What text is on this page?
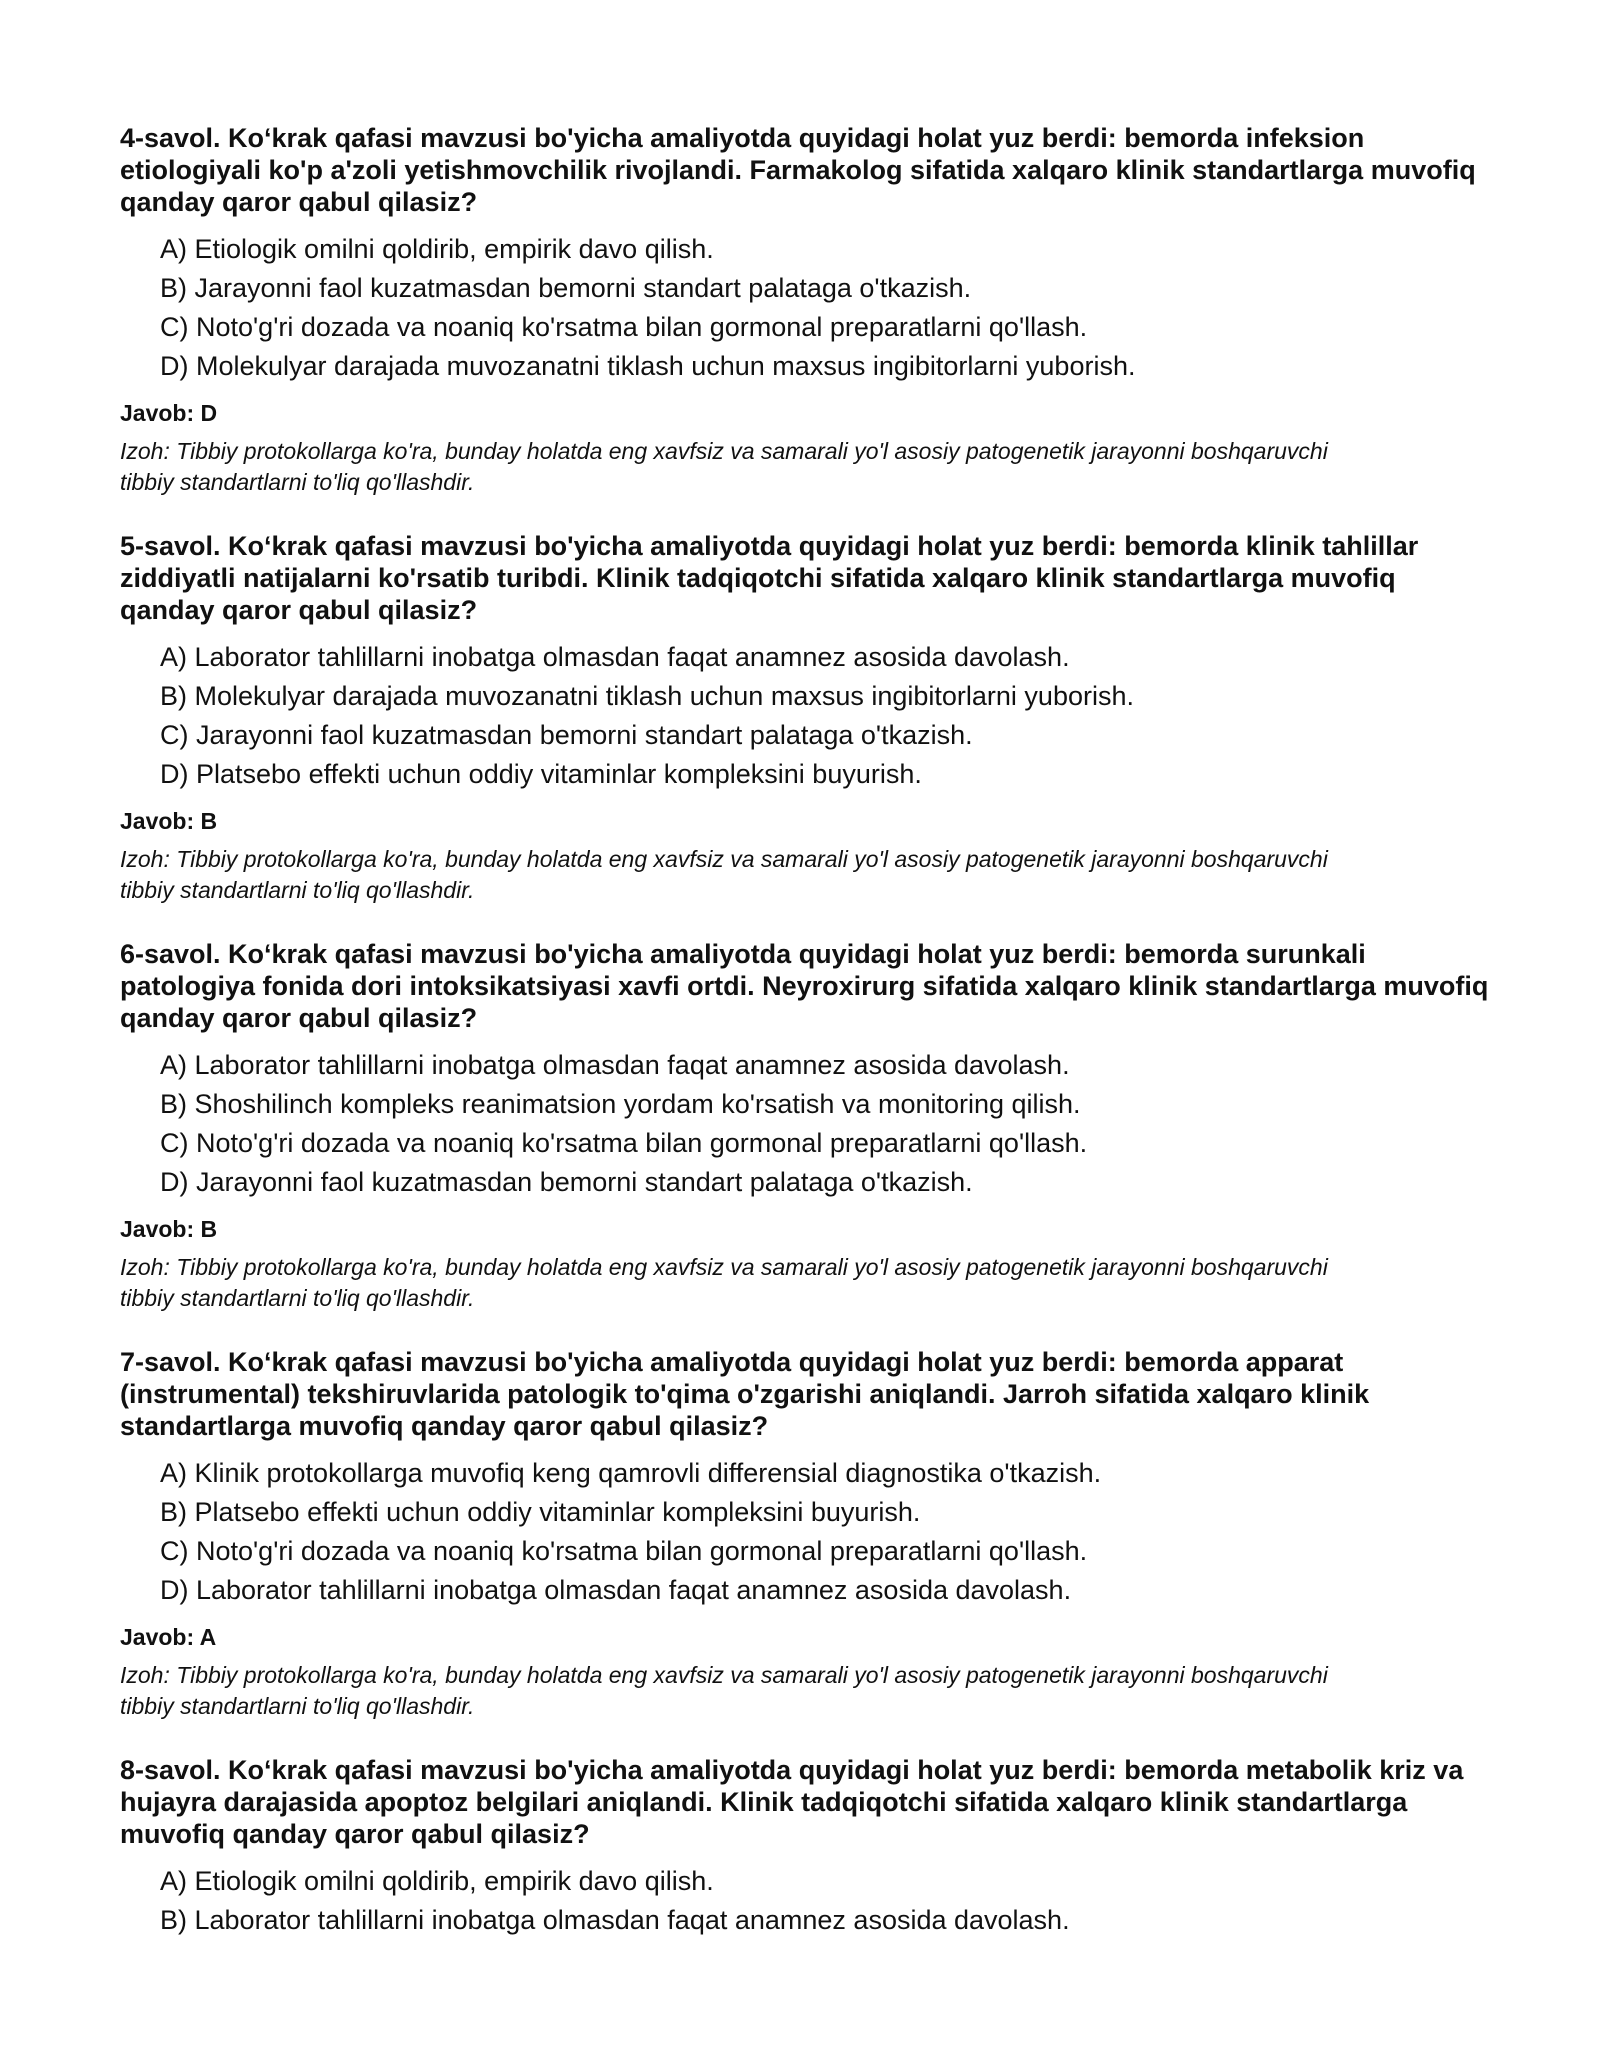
4-savol. Ko‘krak qafasi mavzusi bo'yicha amaliyotda quyidagi holat yuz berdi: bemorda infeksion etiologiyali ko'p a'zoli yetishmovchilik rivojlandi. Farmakolog sifatida xalqaro klinik standartlarga muvofiq qanday qaror qabul qilasiz?

A) Etiologik omilni qoldirib, empirik davo qilish.
B) Jarayonni faol kuzatmasdan bemorni standart palataga o'tkazish.
C) Noto'g'ri dozada va noaniq ko'rsatma bilan gormonal preparatlarni qo'llash.
D) Molekulyar darajada muvozanatni tiklash uchun maxsus ingibitorlarni yuborish.
Javob: D
Izoh: Tibbiy protokollarga ko'ra, bunday holatda eng xavfsiz va samarali yo'l asosiy patogenetik jarayonni boshqaruvchi tibbiy standartlarni to'liq qo'llashdir.

5-savol. Ko‘krak qafasi mavzusi bo'yicha amaliyotda quyidagi holat yuz berdi: bemorda klinik tahlillar ziddiyatli natijalarni ko'rsatib turibdi. Klinik tadqiqotchi sifatida xalqaro klinik standartlarga muvofiq qanday qaror qabul qilasiz?

A) Laborator tahlillarni inobatga olmasdan faqat anamnez asosida davolash.
B) Molekulyar darajada muvozanatni tiklash uchun maxsus ingibitorlarni yuborish.
C) Jarayonni faol kuzatmasdan bemorni standart palataga o'tkazish.
D) Platsebo effekti uchun oddiy vitaminlar kompleksini buyurish.
Javob: B
Izoh: Tibbiy protokollarga ko'ra, bunday holatda eng xavfsiz va samarali yo'l asosiy patogenetik jarayonni boshqaruvchi tibbiy standartlarni to'liq qo'llashdir.

6-savol. Ko‘krak qafasi mavzusi bo'yicha amaliyotda quyidagi holat yuz berdi: bemorda surunkali patologiya fonida dori intoksikatsiyasi xavfi ortdi. Neyroxirurg sifatida xalqaro klinik standartlarga muvofiq qanday qaror qabul qilasiz?

A) Laborator tahlillarni inobatga olmasdan faqat anamnez asosida davolash.
B) Shoshilinch kompleks reanimatsion yordam ko'rsatish va monitoring qilish.
C) Noto'g'ri dozada va noaniq ko'rsatma bilan gormonal preparatlarni qo'llash.
D) Jarayonni faol kuzatmasdan bemorni standart palataga o'tkazish.
Javob: B
Izoh: Tibbiy protokollarga ko'ra, bunday holatda eng xavfsiz va samarali yo'l asosiy patogenetik jarayonni boshqaruvchi tibbiy standartlarni to'liq qo'llashdir.

7-savol. Ko‘krak qafasi mavzusi bo'yicha amaliyotda quyidagi holat yuz berdi: bemorda apparat (instrumental) tekshiruvlarida patologik to'qima o'zgarishi aniqlandi. Jarroh sifatida xalqaro klinik standartlarga muvofiq qanday qaror qabul qilasiz?

A) Klinik protokollarga muvofiq keng qamrovli differensial diagnostika o'tkazish.
B) Platsebo effekti uchun oddiy vitaminlar kompleksini buyurish.
C) Noto'g'ri dozada va noaniq ko'rsatma bilan gormonal preparatlarni qo'llash.
D) Laborator tahlillarni inobatga olmasdan faqat anamnez asosida davolash.
Javob: A
Izoh: Tibbiy protokollarga ko'ra, bunday holatda eng xavfsiz va samarali yo'l asosiy patogenetik jarayonni boshqaruvchi tibbiy standartlarni to'liq qo'llashdir.

8-savol. Ko‘krak qafasi mavzusi bo'yicha amaliyotda quyidagi holat yuz berdi: bemorda metabolik kriz va hujayra darajasida apoptoz belgilari aniqlandi. Klinik tadqiqotchi sifatida xalqaro klinik standartlarga muvofiq qanday qaror qabul qilasiz?

A) Etiologik omilni qoldirib, empirik davo qilish.
B) Laborator tahlillarni inobatga olmasdan faqat anamnez asosida davolash.
